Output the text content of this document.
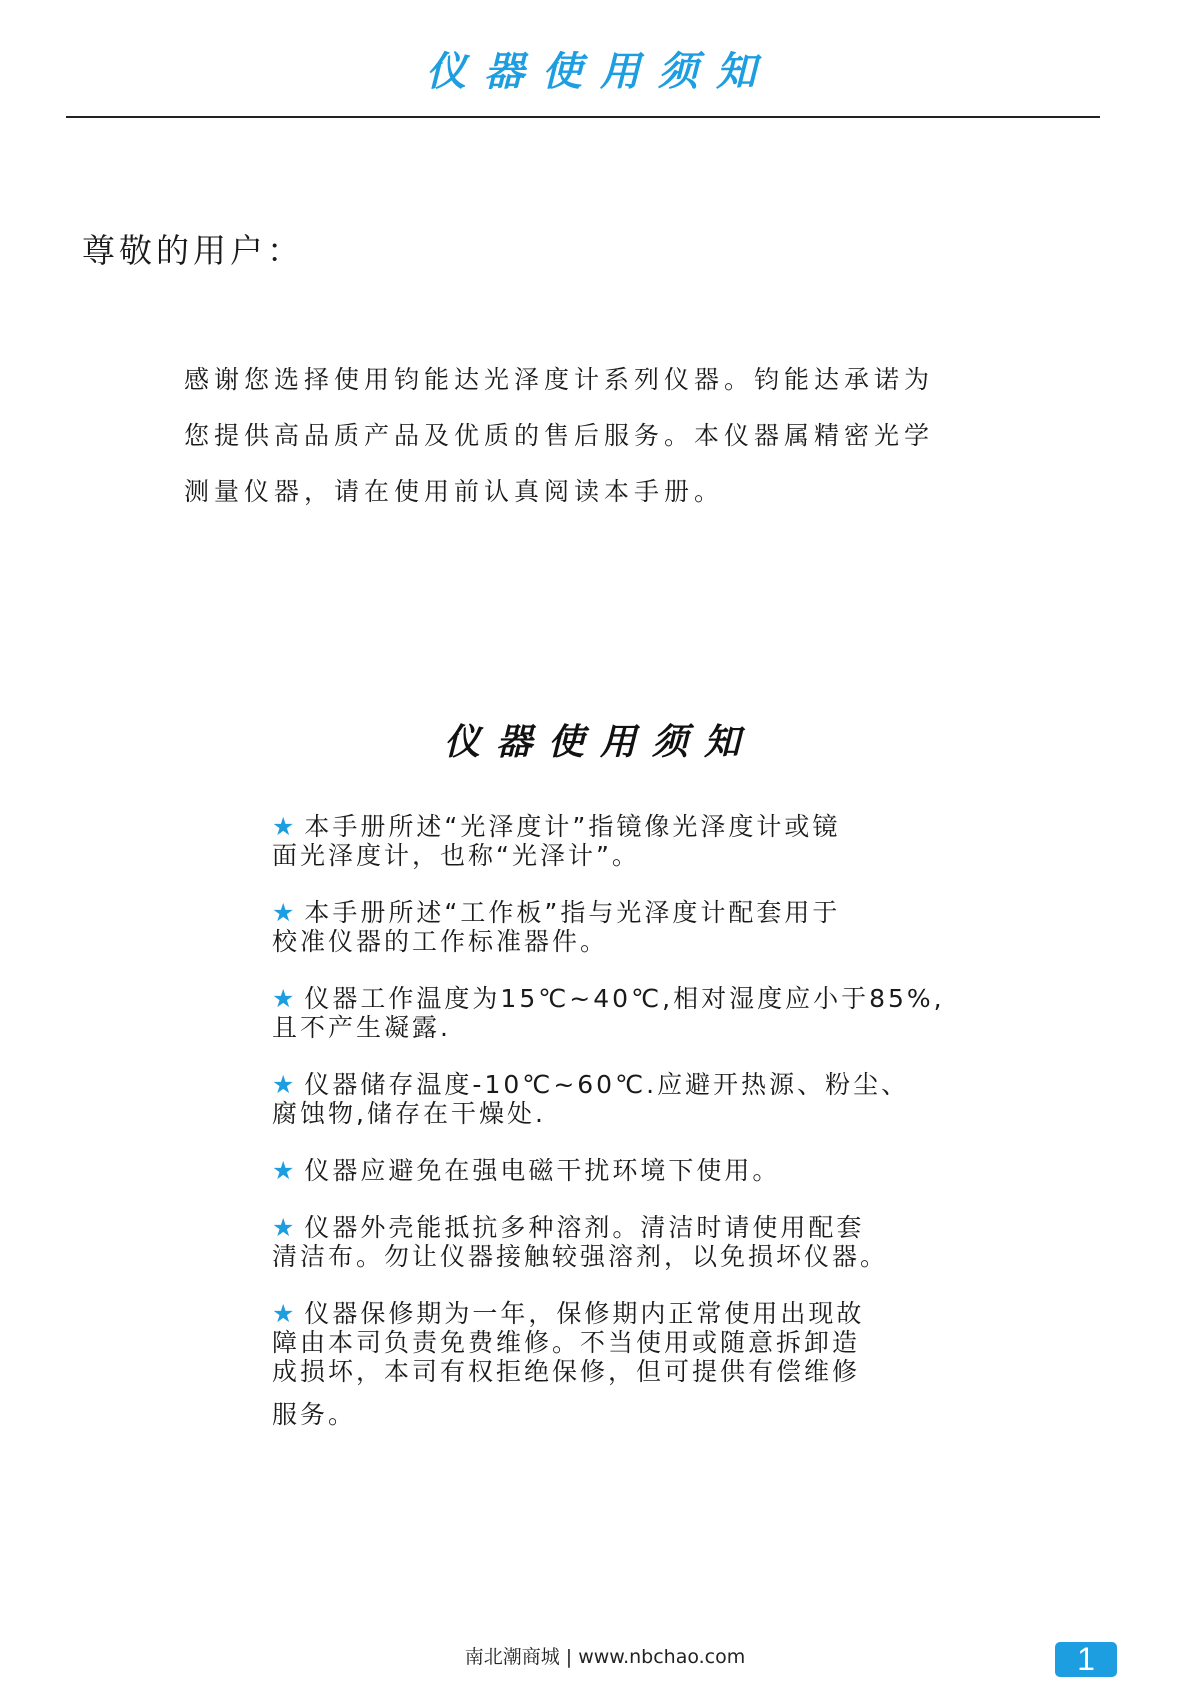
仪器使用须知
尊敬的用户：
感谢您选择使用钧能达光泽度计系列仪器。钧能达承诺为
您提供高品质产品及优质的售后服务。本仪器属精密光学
测量仪器，请在使用前认真阅读本手册。
仪器使用须知
★ 本手册所述“光泽度计”指镜像光泽度计或镜
面光泽度计，也称“光泽计”。
★ 本手册所述“工作板”指与光泽度计配套用于
校准仪器的工作标准器件。
★ 仪器工作温度为15℃~40℃,相对湿度应小于85%,
且不产生凝露.
★ 仪器储存温度-10℃~60℃.应避开热源、粉尘、
腐蚀物,储存在干燥处.
★ 仪器应避免在强电磁干扰环境下使用。
★ 仪器外壳能抵抗多种溶剂。清洁时请使用配套
清洁布。勿让仪器接触较强溶剂，以免损坏仪器。
★ 仪器保修期为一年，保修期内正常使用出现故
障由本司负责免费维修。不当使用或随意拆卸造
成损坏，本司有权拒绝保修，但可提供有偿维修
服务。
南北潮商城 | www.nbchao.com	1
